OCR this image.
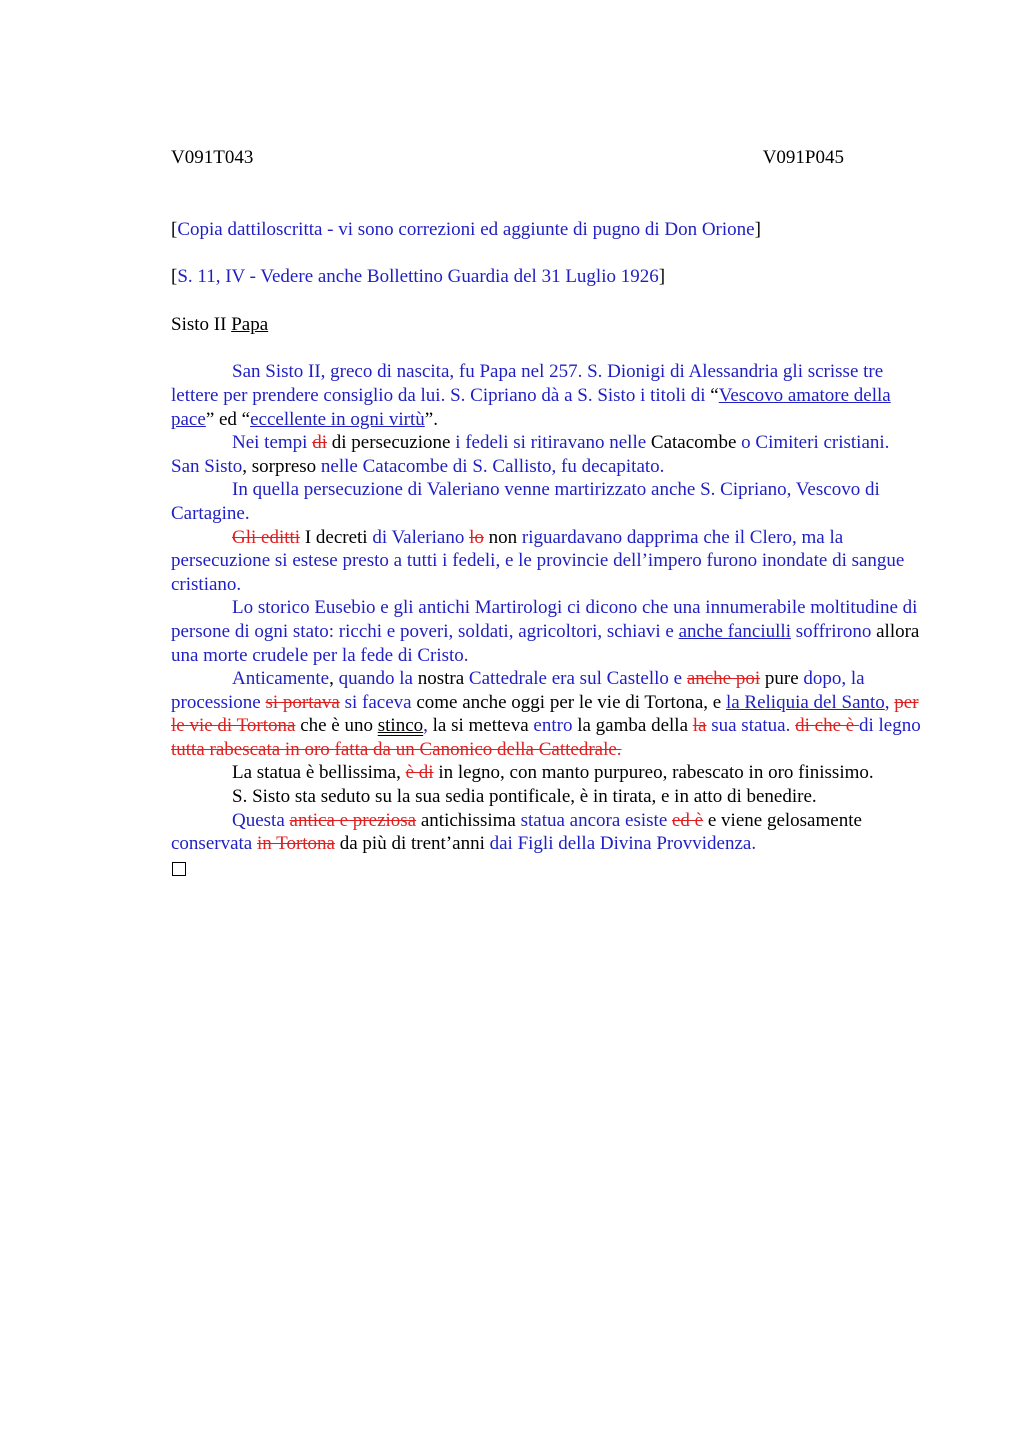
V091T043	V091P045

[Copia dattiloscritta - vi sono correzioni ed aggiunte di pugno di Don Orione]

[S. 11, IV - Vedere anche Bollettino Guardia del 31 Luglio 1926]

Sisto II Papa

San Sisto II, greco di nascita, fu Papa nel 257. S. Dionigi di Alessandria gli scrisse tre lettere per prendere consiglio da lui. S. Cipriano dà a S. Sisto i titoli di “Vescovo amatore della pace” ed “eccellente in ogni virtù”.

Nei tempi di di persecuzione i fedeli si ritiravano nelle Catacombe o Cimiteri cristiani. San Sisto, sorpreso nelle Catacombe di S. Callisto, fu decapitato.

In quella persecuzione di Valeriano venne martirizzato anche S. Cipriano, Vescovo di Cartagine.

Gli editti I decreti di Valeriano lo non riguardavano dapprima che il Clero, ma la persecuzione si estese presto a tutti i fedeli, e le provincie dell’impero furono inondate di sangue cristiano.

Lo storico Eusebio e gli antichi Martirologi ci dicono che una innumerabile moltitudine di persone di ogni stato: ricchi e poveri, soldati, agricoltori, schiavi e anche fanciulli soffrirono allora una morte crudele per la fede di Cristo.

Anticamente, quando la nostra Cattedrale era sul Castello e anche poi pure dopo, la processione si portava si faceva come anche oggi per le vie di Tortona, e la Reliquia del Santo, per le vie di Tortona che è uno stinco, la si metteva entro la gamba della la sua statua. di che è di legno tutta rabescata in oro fatta da un Canonico della Cattedrale.

La statua è bellissima, è di in legno, con manto purpureo, rabescato in oro finissimo.

S. Sisto sta seduto su la sua sedia pontificale, è in tirata, e in atto di benedire.

Questa antica e preziosa antichissima statua ancora esiste ed è e viene gelosamente conservata in Tortona da più di trent’anni dai Figli della Divina Provvidenza.
